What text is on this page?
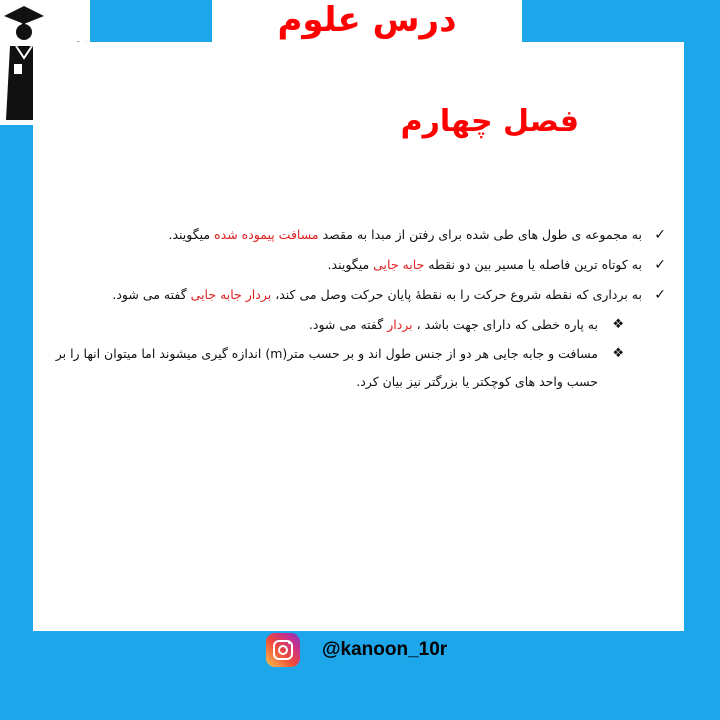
درس علوم
فصل چهارم
✓
به مجموعه ی طول های طی شده برای رفتن از مبدا به مقصد مسافت پیموده شده میگویند.
✓
به کوتاه ترین فاصله یا مسیر بین دو نقطه جابه جایی میگویند.
✓
به برداری که نقطه شروع حرکت را به نقطهٔ پایان حرکت وصل می کند، بردار جابه جایی گفته می شود.
❖
به پاره خطی که دارای جهت باشد ، بردار گفته می شود.
❖
مسافت و جابه جایی هر دو از جنس طول اند و بر حسب متر(m) اندازه گیری میشوند اما میتوان انها را بر حسب واحد های کوچکتر یا بزرگتر نیز بیان کرد.
@kanoon_10r
